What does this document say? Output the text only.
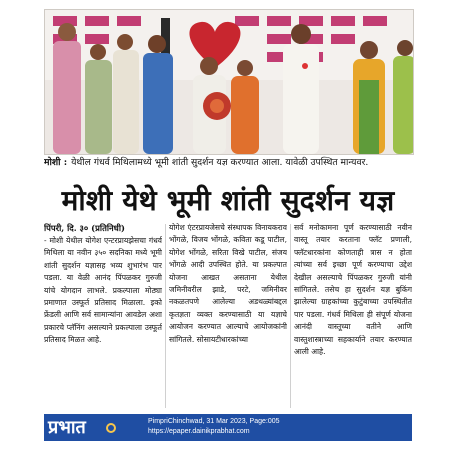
मोशी : येथील गंधर्व मिथिलामध्ये भूमी शांती सुदर्शन यज्ञ करण्यात आला. यावेळी उपस्थित मान्यवर.
मोशी येथे भूमी शांती सुदर्शन यज्ञ
पिंपरी, दि. ३० (प्रतिनिधी)
- मोशी येथील योगेश एन्टरप्रायझेसचा गंधर्व मिथिला या नवीन ३५० सदनिका मध्ये भूमी शांती सुदर्शन यज्ञासह भव्य शुभारंभ पार पडला. या वेळी आनंद पिंपळकर गुरुजी यांचे योगदान लाभले. प्रकल्पाला मोठ्या प्रमाणात उस्फूर्त प्रतिसाद मिळाला. इको फ्रेंडली आणि सर्व सामान्यांना आवडेल अशा प्रकारचे प्लॅनिंग असल्याने प्रकल्पाला उस्फूर्त प्रतिसाद मिळत आहे.
योगेश एंटरप्रायजेसचे संस्थापक विनायकराव भोंगळे, विजय भोंगळे, कविता कडू पाटील, योगेश भोंगळे, सरिता विखे पाटील, संजय भोंगळे आदी उपस्थित होते. या प्रकल्पात योजना आखत असताना येथील जमिनीवरील झाडे, परटे, जमिनीवर नकळतपणे आलेल्या अडथळ्यांबद्दल कृतज्ञता व्यक्त करण्यासाठी या यज्ञाचे आयोजन करण्यात आल्याचे आयोजकांनी सांगितले. सोसायटीधारकांच्या
सर्व मनोकामना पूर्ण करण्यासाठी नवीन वास्तू तयार करताना फ्लॅट प्रणाली, फ्लॅटधारकांना कोणताही त्रास न होता त्यांच्या सर्व इच्छा पूर्ण करण्याचा उद्देश देखील असल्याचे पिंपळकर गुरुजी यांनी सांगितले. तसेच हा सुदर्शन यज्ञ बुकिंग झालेल्या ग्राहकांच्या कुटुंबाच्या उपस्थितीत पार पडला. गंधर्व मिथिला ही संपूर्ण योजना आनंदी वास्तूच्या वतीने आणि वास्तुशास्त्राच्या सहकार्याने तयार करण्यात आली आहे.
प्रभात	PimpriChinchwad, 31 Mar 2023, Page:005
https://epaper.dainikprabhat.com
